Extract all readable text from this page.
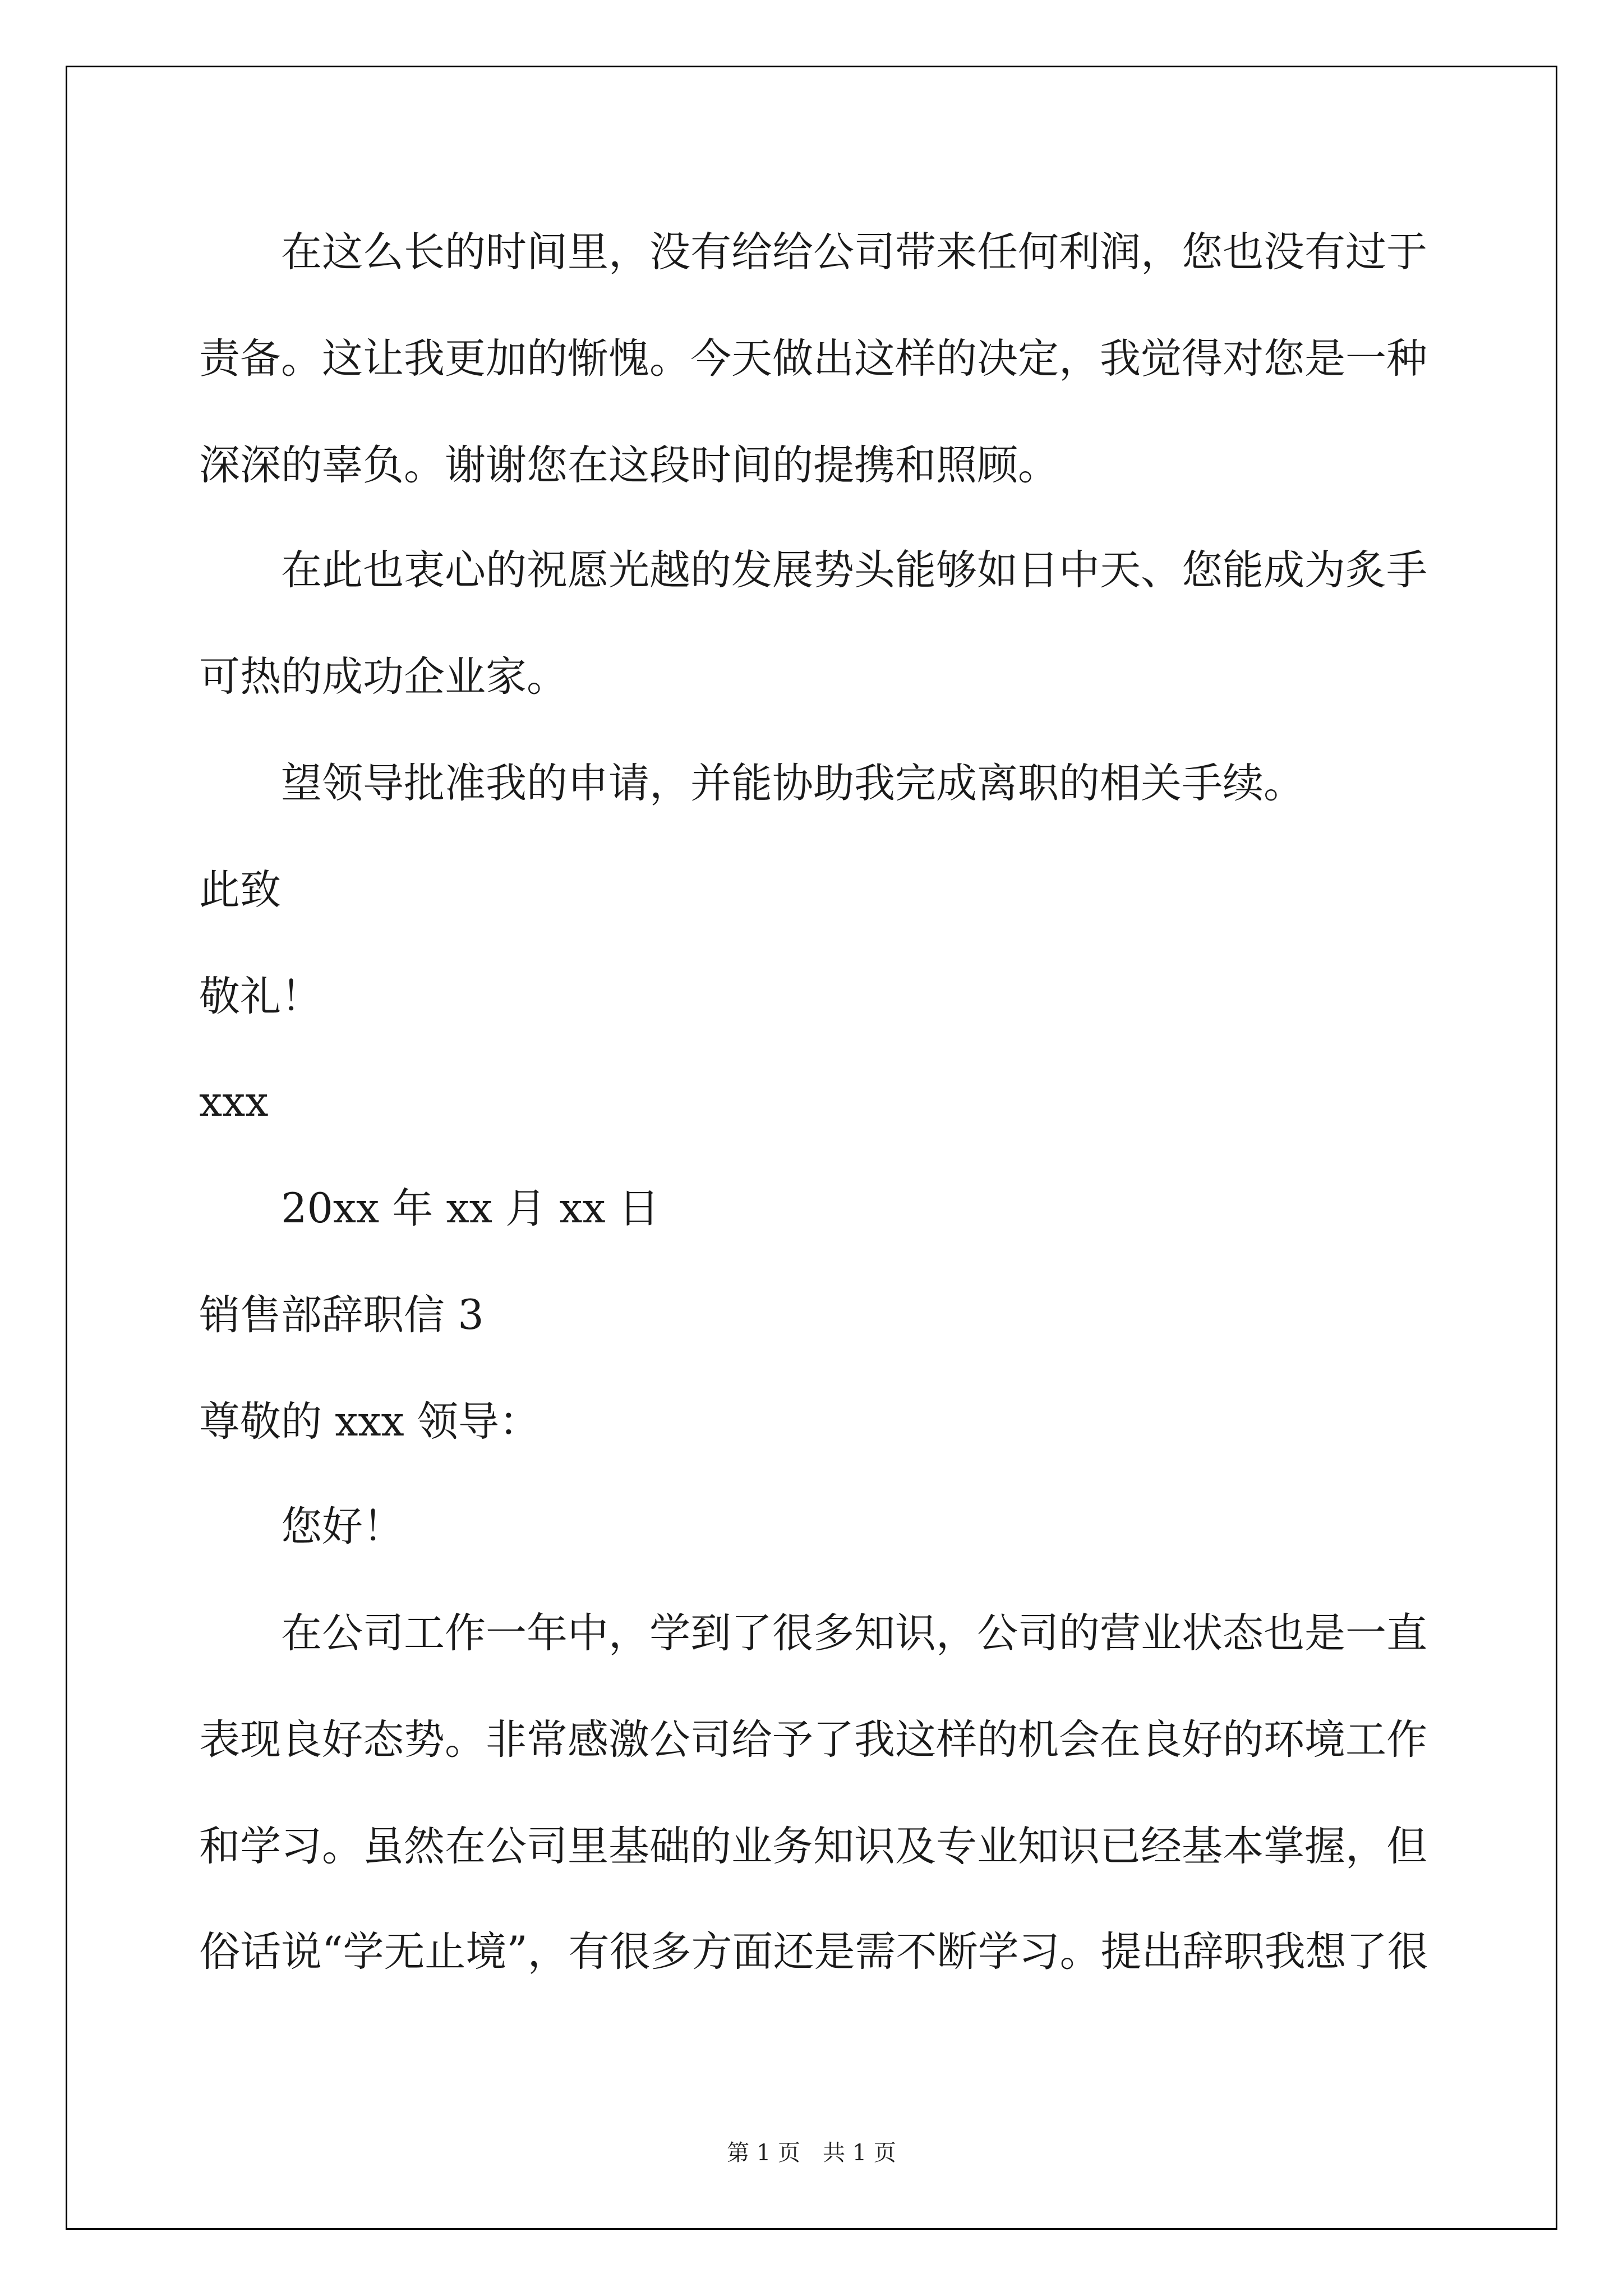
在这么长的时间里，没有给给公司带来任何利润，您也没有过于

责备。这让我更加的惭愧。今天做出这样的决定，我觉得对您是一种

深深的辜负。谢谢您在这段时间的提携和照顾。

在此也衷心的祝愿光越的发展势头能够如日中天、您能成为炙手

可热的成功企业家。

望领导批准我的申请，并能协助我完成离职的相关手续。

此致

敬礼！

xxx

20xx 年 xx 月 xx 日

销售部辞职信 3

尊敬的 xxx 领导：

您好！

在公司工作一年中，学到了很多知识，公司的营业状态也是一直

表现良好态势。非常感激公司给予了我这样的机会在良好的环境工作

和学习。虽然在公司里基础的业务知识及专业知识已经基本掌握，但

俗话说“学无止境”，有很多方面还是需不断学习。提出辞职我想了很

第 1 页 共 1 页
